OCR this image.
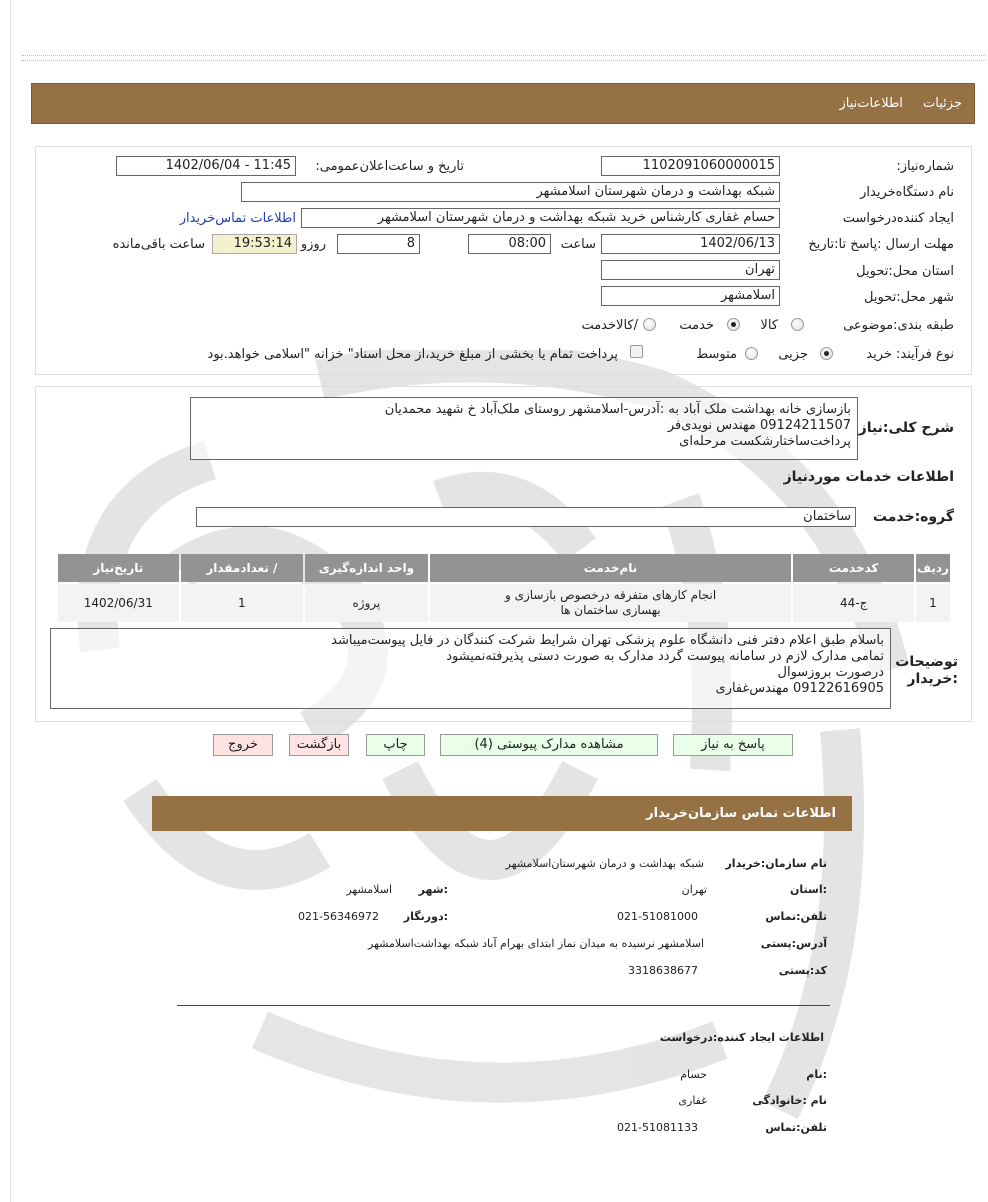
جزئیات اطلاعات‌نیاز
شماره‌نیاز:
1102091060000015
تاریخ و ساعت‌اعلان‌عمومی:
1402/06/04 - 11:45
نام دستگاه‌خریدار
شبکه بهداشت و درمان شهرستان اسلامشهر
ایجاد کننده‌درخواست
حسام غفاری کارشناس خرید شبکه بهداشت و درمان شهرستان اسلامشهر
اطلاعات تماس‌خریدار
مهلت ارسال :پاسخ تا:تاریخ
1402/06/13
ساعت
08:00
8
روزو
19:53:14
ساعت باقی‌مانده
استان محل:تحویل
تهران
شهر محل:تحویل
اسلامشهر
طبقه بندی:موضوعی
کالا
خدمت
/کالاخدمت
نوع فرآیند: خرید
جزیی
متوسط
پرداخت تمام یا بخشی از مبلغ خرید،از محل اسناد" خزانه "اسلامی خواهد.بود
شرح کلی:نیاز
بازسازی خانه بهداشت ملک آباد به :آدرس-اسلامشهر روستای ملک‌آباد خ شهید محمدیان
09124211507 مهندس نویدی‌فر
پرداخت‌ساختارشکست مرحله‌ای
اطلاعات خدمات موردنیاز
گروه:خدمت
ساختمان
ردیف	کدخدمت	نام‌خدمت	واحد اندازه‌گیری	/ تعدادمقدار	تاریخ‌نیاز
1	ج-44	انجام کارهای متفرقه درخصوص بازسازی و
بهسازی ساختمان ها	پروژه	1	1402/06/31
توضیحات :خریدار
باسلام طبق اعلام دفتر فنی دانشگاه علوم پزشکی تهران شرایط شرکت کنندگان در فایل پیوست‌میباشد
تمامی مدارک لازم در سامانه پیوست گردد مدارک به صورت دستی پذیرفته‌نمیشود
درصورت بروزسوال
09122616905 مهندس‌غفاری
پاسخ به نیاز
مشاهده مدارک پیوستی (4)
چاپ
بازگشت
خروج
اطلاعات تماس سازمان‌خریدار
نام سازمان:خریدار
شبکه بهداشت و درمان شهرستان‌اسلامشهر
:استان
تهران
:شهر
اسلامشهر
تلفن:تماس
021-51081000
:دورنگار
021-56346972
آدرس:پستی
اسلامشهر نرسیده به میدان نماز ابتدای بهرام آباد شبکه بهداشت‌اسلامشهر
کد:پستی
3318638677
اطلاعات ایجاد کننده:درخواست
:نام
حسام
نام :خانوادگی
غفاری
تلفن:تماس
021-51081133
